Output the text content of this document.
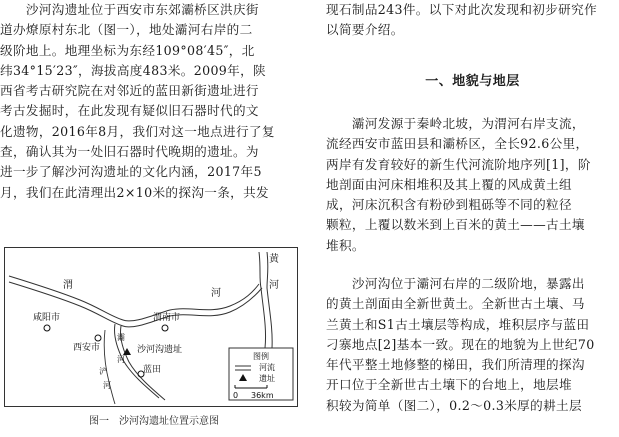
　　沙河沟遗址位于西安市东郊灞桥区洪庆街
道办燎原村东北（图一），地处灞河右岸的二
级阶地上。地理坐标为东经109°08′45″，北
纬34°15′23″，海拔高度483米。2009年，陕
西省考古研究院在对邻近的蓝田新街遗址进行
考古发掘时，在此发现有疑似旧石器时代的文
化遗物，2016年8月，我们对这一地点进行了复
查，确认其为一处旧石器时代晚期的遗址。为
进一步了解沙河沟遗址的文化内涵，2017年5
月，我们在此清理出2×10米的探沟一条，共发

黄
河
渭
河
渭南市
咸阳市
西安市
灞
沙河沟遗址
河
蓝田
浐
河
图例
河流
遗址
0 36km

图一　沙河沟遗址位置示意图

现石制品243件。以下对此次发现和初步研究作
以简要介绍。

一、地貌与地层

　　灞河发源于秦岭北坡，为渭河右岸支流，
流经西安市蓝田县和灞桥区，全长92.6公里，
两岸有发育较好的新生代河流阶地序列[1]，阶
地剖面由河床相堆积及其上覆的风成黄土组
成，河床沉积含有粉砂到粗砾等不同的粒径
颗粒，上覆以数米到上百米的黄土——古土壤
堆积。

　　沙河沟位于灞河右岸的二级阶地，暴露出
的黄土剖面由全新世黄土。全新世古土壤、马
兰黄土和S1古土壤层等构成，堆积层序与蓝田
刁寨地点[2]基本一致。现在的地貌为上世纪70
年代平整土地修整的梯田，我们所清理的探沟
开口位于全新世古土壤下的台地上，地层堆
积较为简单（图二），0.2～0.3米厚的耕土层
